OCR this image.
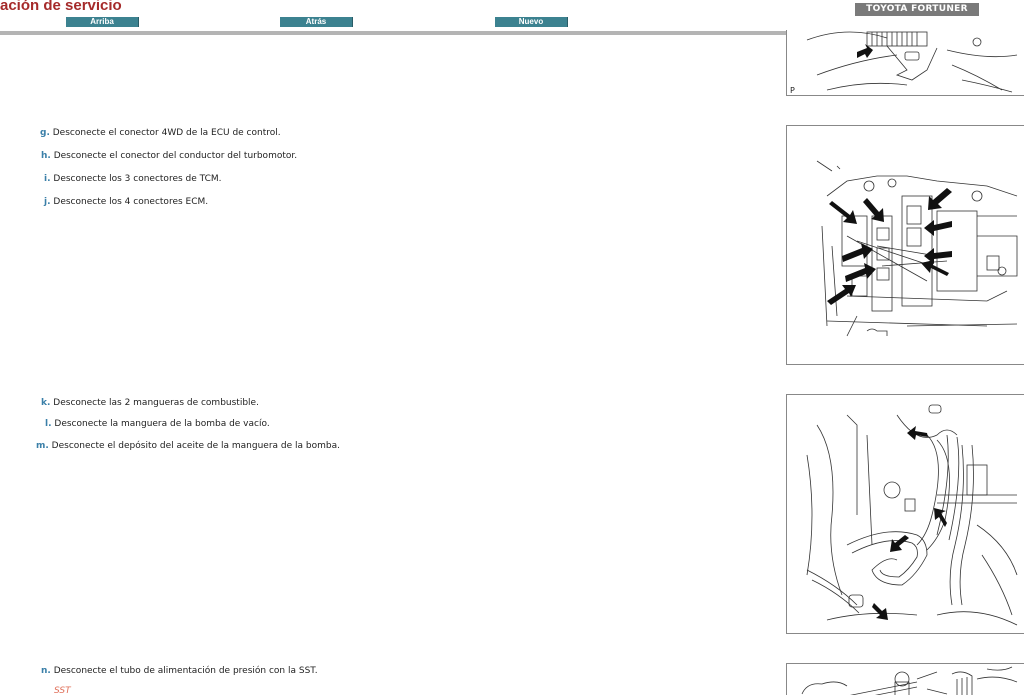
ación de servicio
Arriba	Atrás	Nuevo
TOYOTA FORTUNER
g. Desconecte el conector 4WD de la ECU de control.
h. Desconecte el conector del conductor del turbomotor.
i. Desconecte los 3 conectores de TCM.
j. Desconecte los 4 conectores ECM.
k. Desconecte las 2 mangueras de combustible.
l. Desconecte la manguera de la bomba de vacío.
m. Desconecte el depósito del aceite de la manguera de la bomba.
n. Desconecte el tubo de alimentación de presión con la SST.
SST
P
